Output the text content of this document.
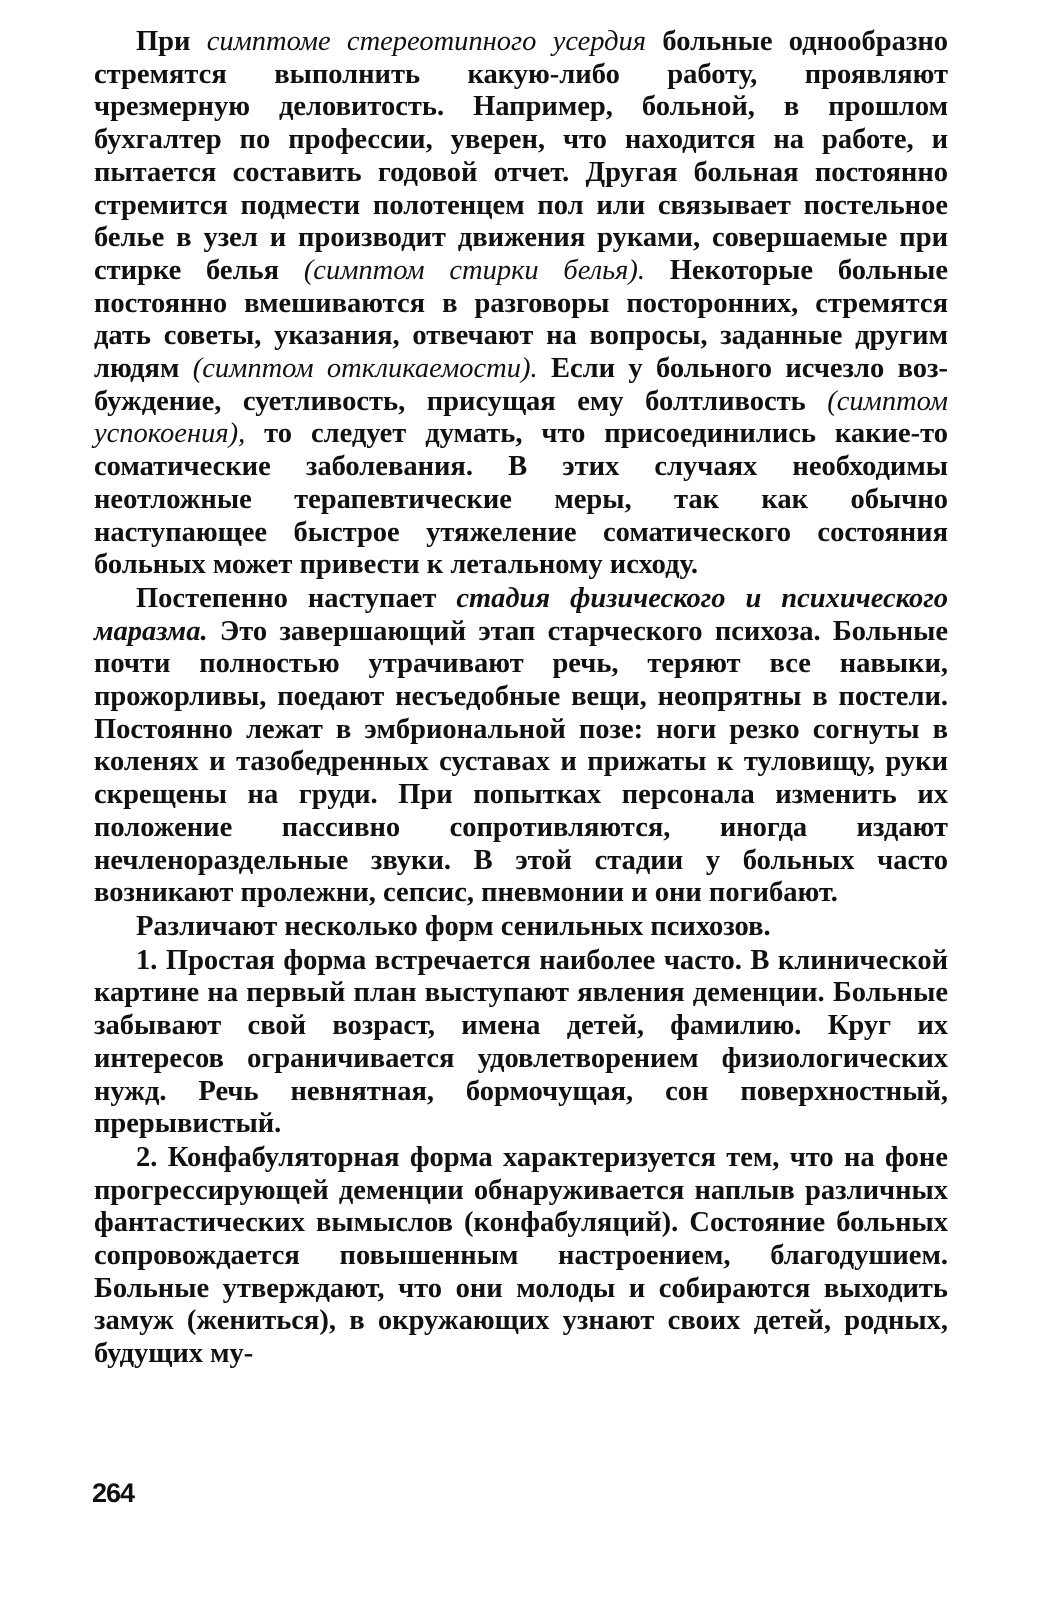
При симптоме стереотипного усердия больные однообразно стремятся выполнить какую-либо работу, проявляют чрезмерную деловитость. Например, больной, в прошлом бухгалтер по профессии, уверен, что находится на работе, и пытается составить годовой отчет. Другая больная постоянно стремится подмести полотенцем пол или связывает постельное белье в узел и производит движения руками, совершаемые при стирке белья (симптом стирки белья). Некоторые больные постоянно вмешиваются в разговоры посторонних, стремятся дать советы, указания, отвечают на вопросы, заданные другим людям (симптом откликаемости). Если у больного исчезло возбуждение, суетливость, присущая ему болтливость (симптом успокоения), то следует думать, что присоединились какие-то соматические заболевания. В этих случаях необходимы неотложные терапевтические меры, так как обычно наступающее быстрое утяжеление соматического состояния больных может привести к летальному исходу.

Постепенно наступает стадия физического и психического маразма. Это завершающий этап старческого психоза. Больные почти полностью утрачивают речь, теряют все навыки, прожорливы, поедают несъедобные вещи, неопрятны в постели. Постоянно лежат в эмбриональной позе: ноги резко согнуты в коленях и тазобедренных суставах и прижаты к туловищу, руки скрещены на груди. При попытках персонала изменить их положение пассивно сопротивляются, иногда издают нечленораздельные звуки. В этой стадии у больных часто возникают пролежни, сепсис, пневмонии и они погибают.

Различают несколько форм сенильных психозов.

1. Простая форма встречается наиболее часто. В клинической картине на первый план выступают явления деменции. Больные забывают свой возраст, имена детей, фамилию. Круг их интересов ограничивается удовлетворением физиологических нужд. Речь невнятная, бормочущая, сон поверхностный, прерывистый.

2. Конфабуляторная форма характеризуется тем, что на фоне прогрессирующей деменции обнаруживается наплыв различных фантастических вымыслов (конфабуляций). Состояние больных сопровождается повышенным настроением, благодушием. Больные утверждают, что они молоды и собираются выходить замуж (жениться), в окружающих узнают своих детей, родных, будущих му-

264
